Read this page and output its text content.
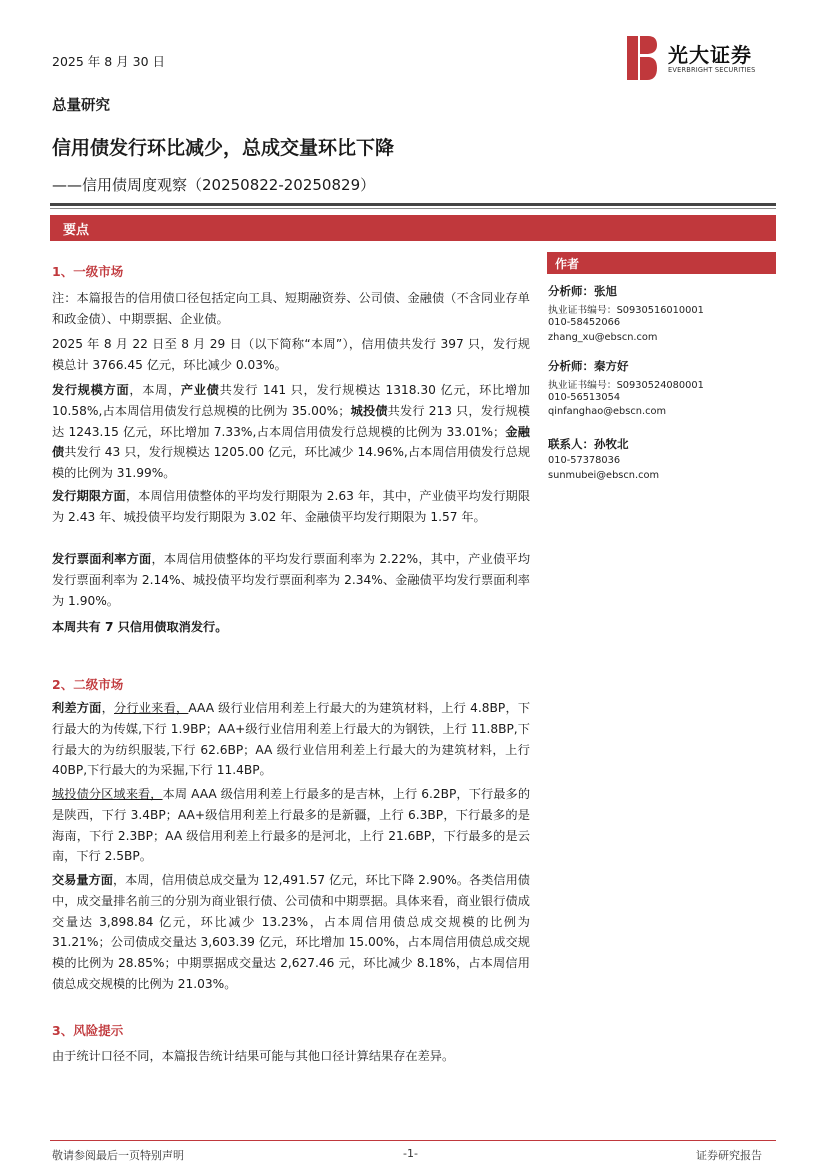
2025 年 8 月 30 日	光大证券
EVERBRIGHT SECURITIES
总量研究
信用债发行环比减少，总成交量环比下降
——信用债周度观察（20250822-20250829）
要点
1、一级市场

注：本篇报告的信用债口径包括定向工具、短期融资券、公司债、金融债（不含同业存单和政金债）、中期票据、企业债。

2025 年 8 月 22 日至 8 月 29 日（以下简称“本周”），信用债共发行 397 只，发行规模总计 3766.45 亿元，环比减少 0.03%。

发行规模方面，本周，产业债共发行 141 只，发行规模达 1318.30 亿元，环比增加 10.58%,占本周信用债发行总规模的比例为 35.00%；城投债共发行 213 只，发行规模达 1243.15 亿元，环比增加 7.33%,占本周信用债发行总规模的比例为 33.01%；金融债共发行 43 只，发行规模达 1205.00 亿元，环比减少 14.96%,占本周信用债发行总规模的比例为 31.99%。

发行期限方面，本周信用债整体的平均发行期限为 2.63 年，其中，产业债平均发行期限为 2.43 年、城投债平均发行期限为 3.02 年、金融债平均发行期限为 1.57 年。

发行票面利率方面，本周信用债整体的平均发行票面利率为 2.22%，其中，产业债平均发行票面利率为 2.14%、城投债平均发行票面利率为 2.34%、金融债平均发行票面利率为 1.90%。

本周共有 7 只信用债取消发行。

2、二级市场

利差方面，分行业来看，AAA 级行业信用利差上行最大的为建筑材料，上行 4.8BP，下行最大的为传媒,下行 1.9BP；AA+级行业信用利差上行最大的为钢铁，上行 11.8BP,下行最大的为纺织服装,下行 62.6BP；AA 级行业信用利差上行最大的为建筑材料，上行 40BP,下行最大的为采掘,下行 11.4BP。

城投债分区域来看，本周 AAA 级信用利差上行最多的是吉林，上行 6.2BP，下行最多的是陕西，下行 3.4BP；AA+级信用利差上行最多的是新疆，上行 6.3BP，下行最多的是海南，下行 2.3BP；AA 级信用利差上行最多的是河北，上行 21.6BP，下行最多的是云南，下行 2.5BP。

交易量方面，本周，信用债总成交量为 12,491.57 亿元，环比下降 2.90%。各类信用债中，成交量排名前三的分别为商业银行债、公司债和中期票据。具体来看，商业银行债成交量达 3,898.84 亿元，环比减少 13.23%，占本周信用债总成交规模的比例为 31.21%；公司债成交量达 3,603.39 亿元，环比增加 15.00%，占本周信用债总成交规模的比例为 28.85%；中期票据成交量达 2,627.46 元，环比减少 8.18%，占本周信用债总成交规模的比例为 21.03%。

3、风险提示

由于统计口径不同，本篇报告统计结果可能与其他口径计算结果存在差异。

作者
分析师：张旭
执业证书编号：S0930516010001
010-58452066
zhang_xu@ebscn.com
分析师：秦方好
执业证书编号：S0930524080001
010-56513054
qinfanghao@ebscn.com
联系人：孙牧北
010-57378036
sunmubei@ebscn.com
敬请参阅最后一页特别声明	-1-	证券研究报告
